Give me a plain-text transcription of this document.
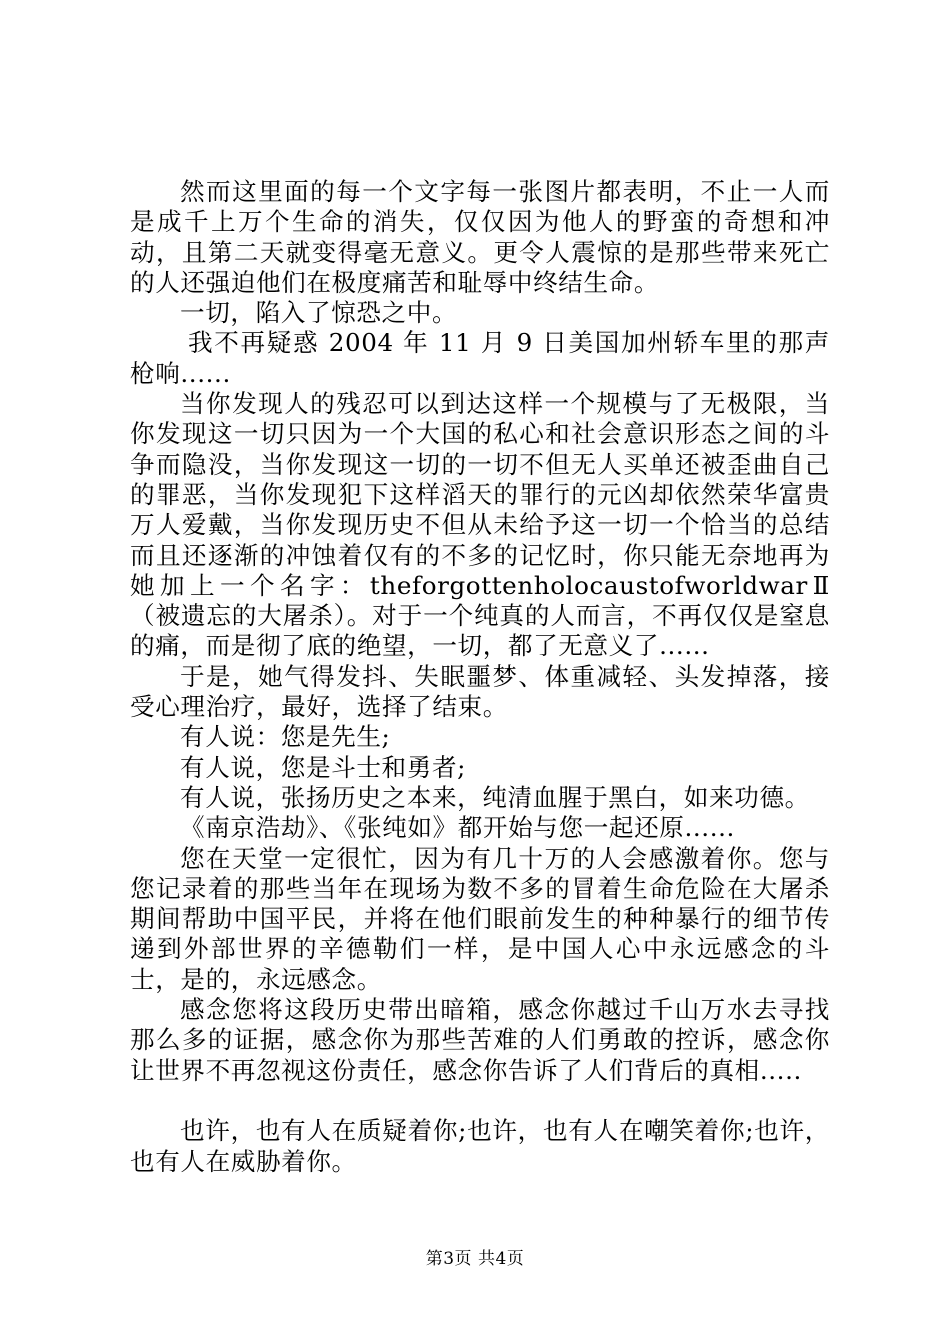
然而这里面的每一个文字每一张图片都表明，不止一人而是成千上万个生命的消失，仅仅因为他人的野蛮的奇想和冲动，且第二天就变得毫无意义。更令人震惊的是那些带来死亡的人还强迫他们在极度痛苦和耻辱中终结生命。

一切，陷入了惊恐之中。

我不再疑惑 2004 年 11 月 9 日美国加州轿车里的那声枪响......

当你发现人的残忍可以到达这样一个规模与了无极限，当你发现这一切只因为一个大国的私心和社会意识形态之间的斗争而隐没，当你发现这一切的一切不但无人买单还被歪曲自己的罪恶，当你发现犯下这样滔天的罪行的元凶却依然荣华富贵万人爱戴，当你发现历史不但从未给予这一切一个恰当的总结而且还逐渐的冲蚀着仅有的不多的记忆时，你只能无奈地再为她加上一个名字：theforgottenholocaustofworldwarⅡ（被遗忘的大屠杀）。对于一个纯真的人而言，不再仅仅是窒息的痛，而是彻了底的绝望，一切，都了无意义了......

于是，她气得发抖、失眠噩梦、体重减轻、头发掉落，接受心理治疗，最好，选择了结束。

有人说：您是先生;

有人说，您是斗士和勇者;

有人说，张扬历史之本来，纯清血腥于黑白，如来功德。

《南京浩劫》、《张纯如》都开始与您一起还原......

您在天堂一定很忙，因为有几十万的人会感激着你。您与您记录着的那些当年在现场为数不多的冒着生命危险在大屠杀期间帮助中国平民，并将在他们眼前发生的种种暴行的细节传递到外部世界的辛德勒们一样，是中国人心中永远感念的斗士，是的，永远感念。

感念您将这段历史带出暗箱，感念你越过千山万水去寻找那么多的证据，感念你为那些苦难的人们勇敢的控诉，感念你让世界不再忽视这份责任，感念你告诉了人们背后的真相.....

也许，也有人在质疑着你;也许，也有人在嘲笑着你;也许，也有人在威胁着你。

第3页 共4页
